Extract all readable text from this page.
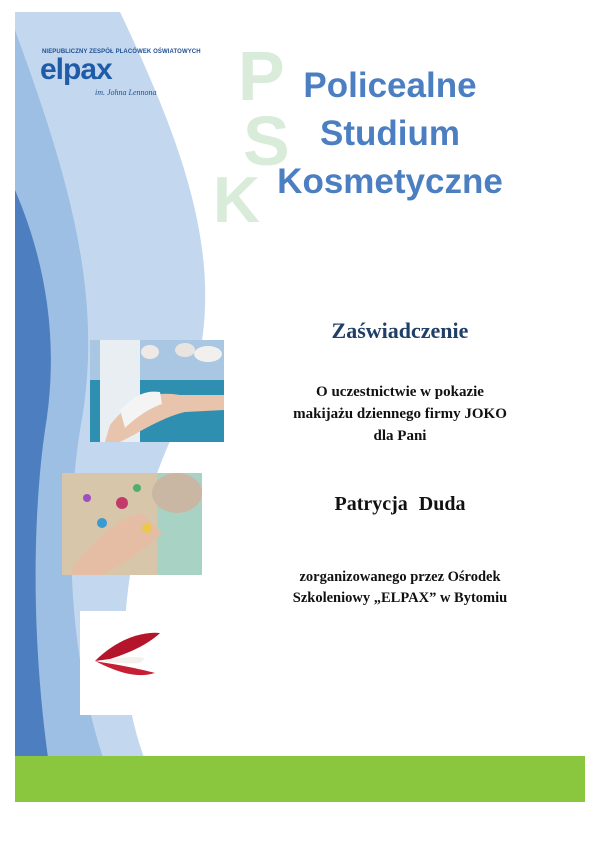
P
S
K
NIEPUBLICZNY ZESPÓŁ PLACÓWEK OŚWIATOWYCH
elpax
im. Johna Lennona	Policealne
Studium
Kosmetyczne
Zaświadczenie
O uczestnictwie w pokazie
makijażu dziennego firmy JOKO
dla Pani
Patrycja Duda
zorganizowanego przez Ośrodek
Szkoleniowy „ELPAX” w Bytomiu
